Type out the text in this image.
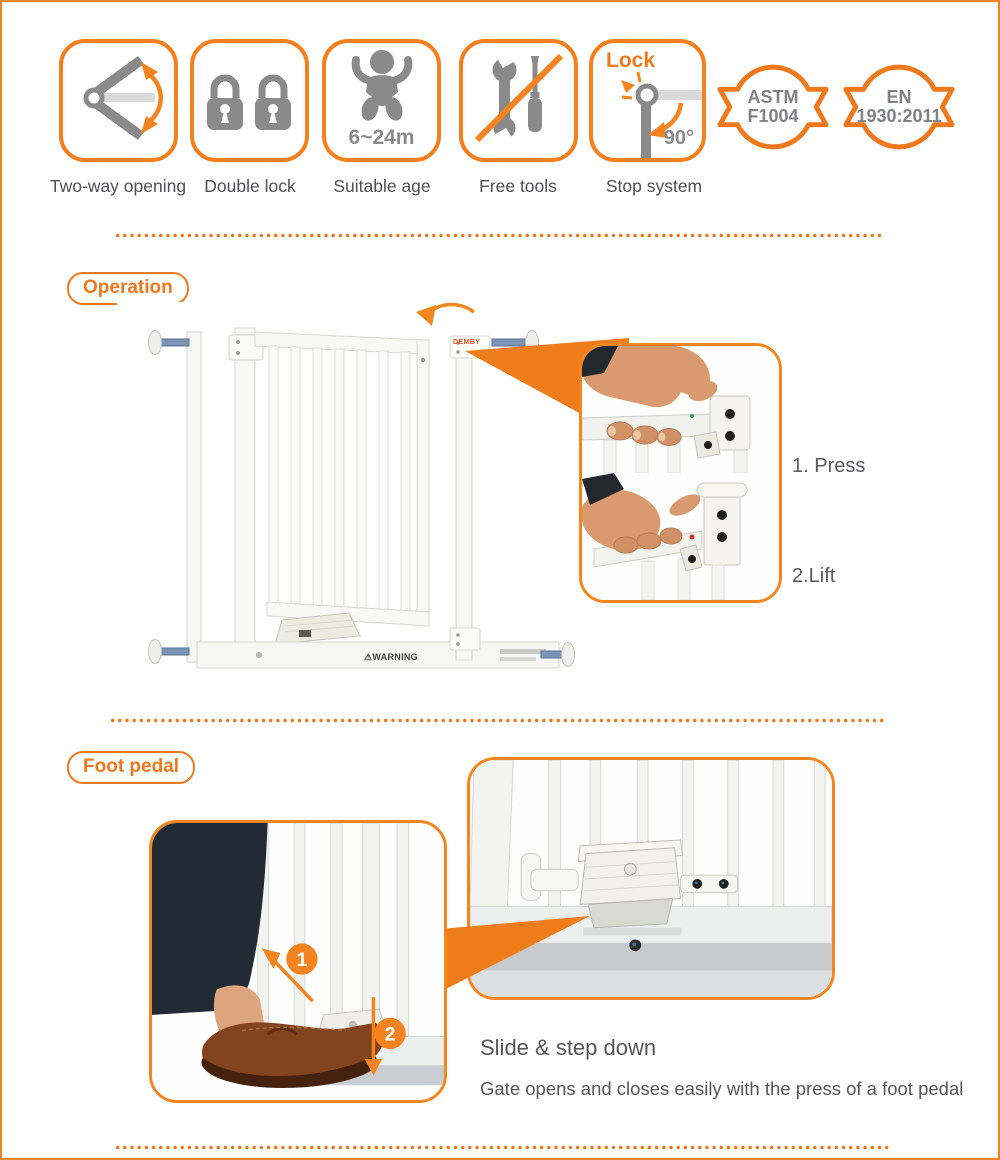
6~24m
Lock
90°
Two-way opening	Double lock	Suitable age	Free tools	Stop system
ASTM
F1004
EN
1930:2011
Operation
DEMBY
⚠WARNING
1. Press
2.Lift
Foot pedal
1
2
Slide & step down
Gate opens and closes easily with the press of a foot pedal
